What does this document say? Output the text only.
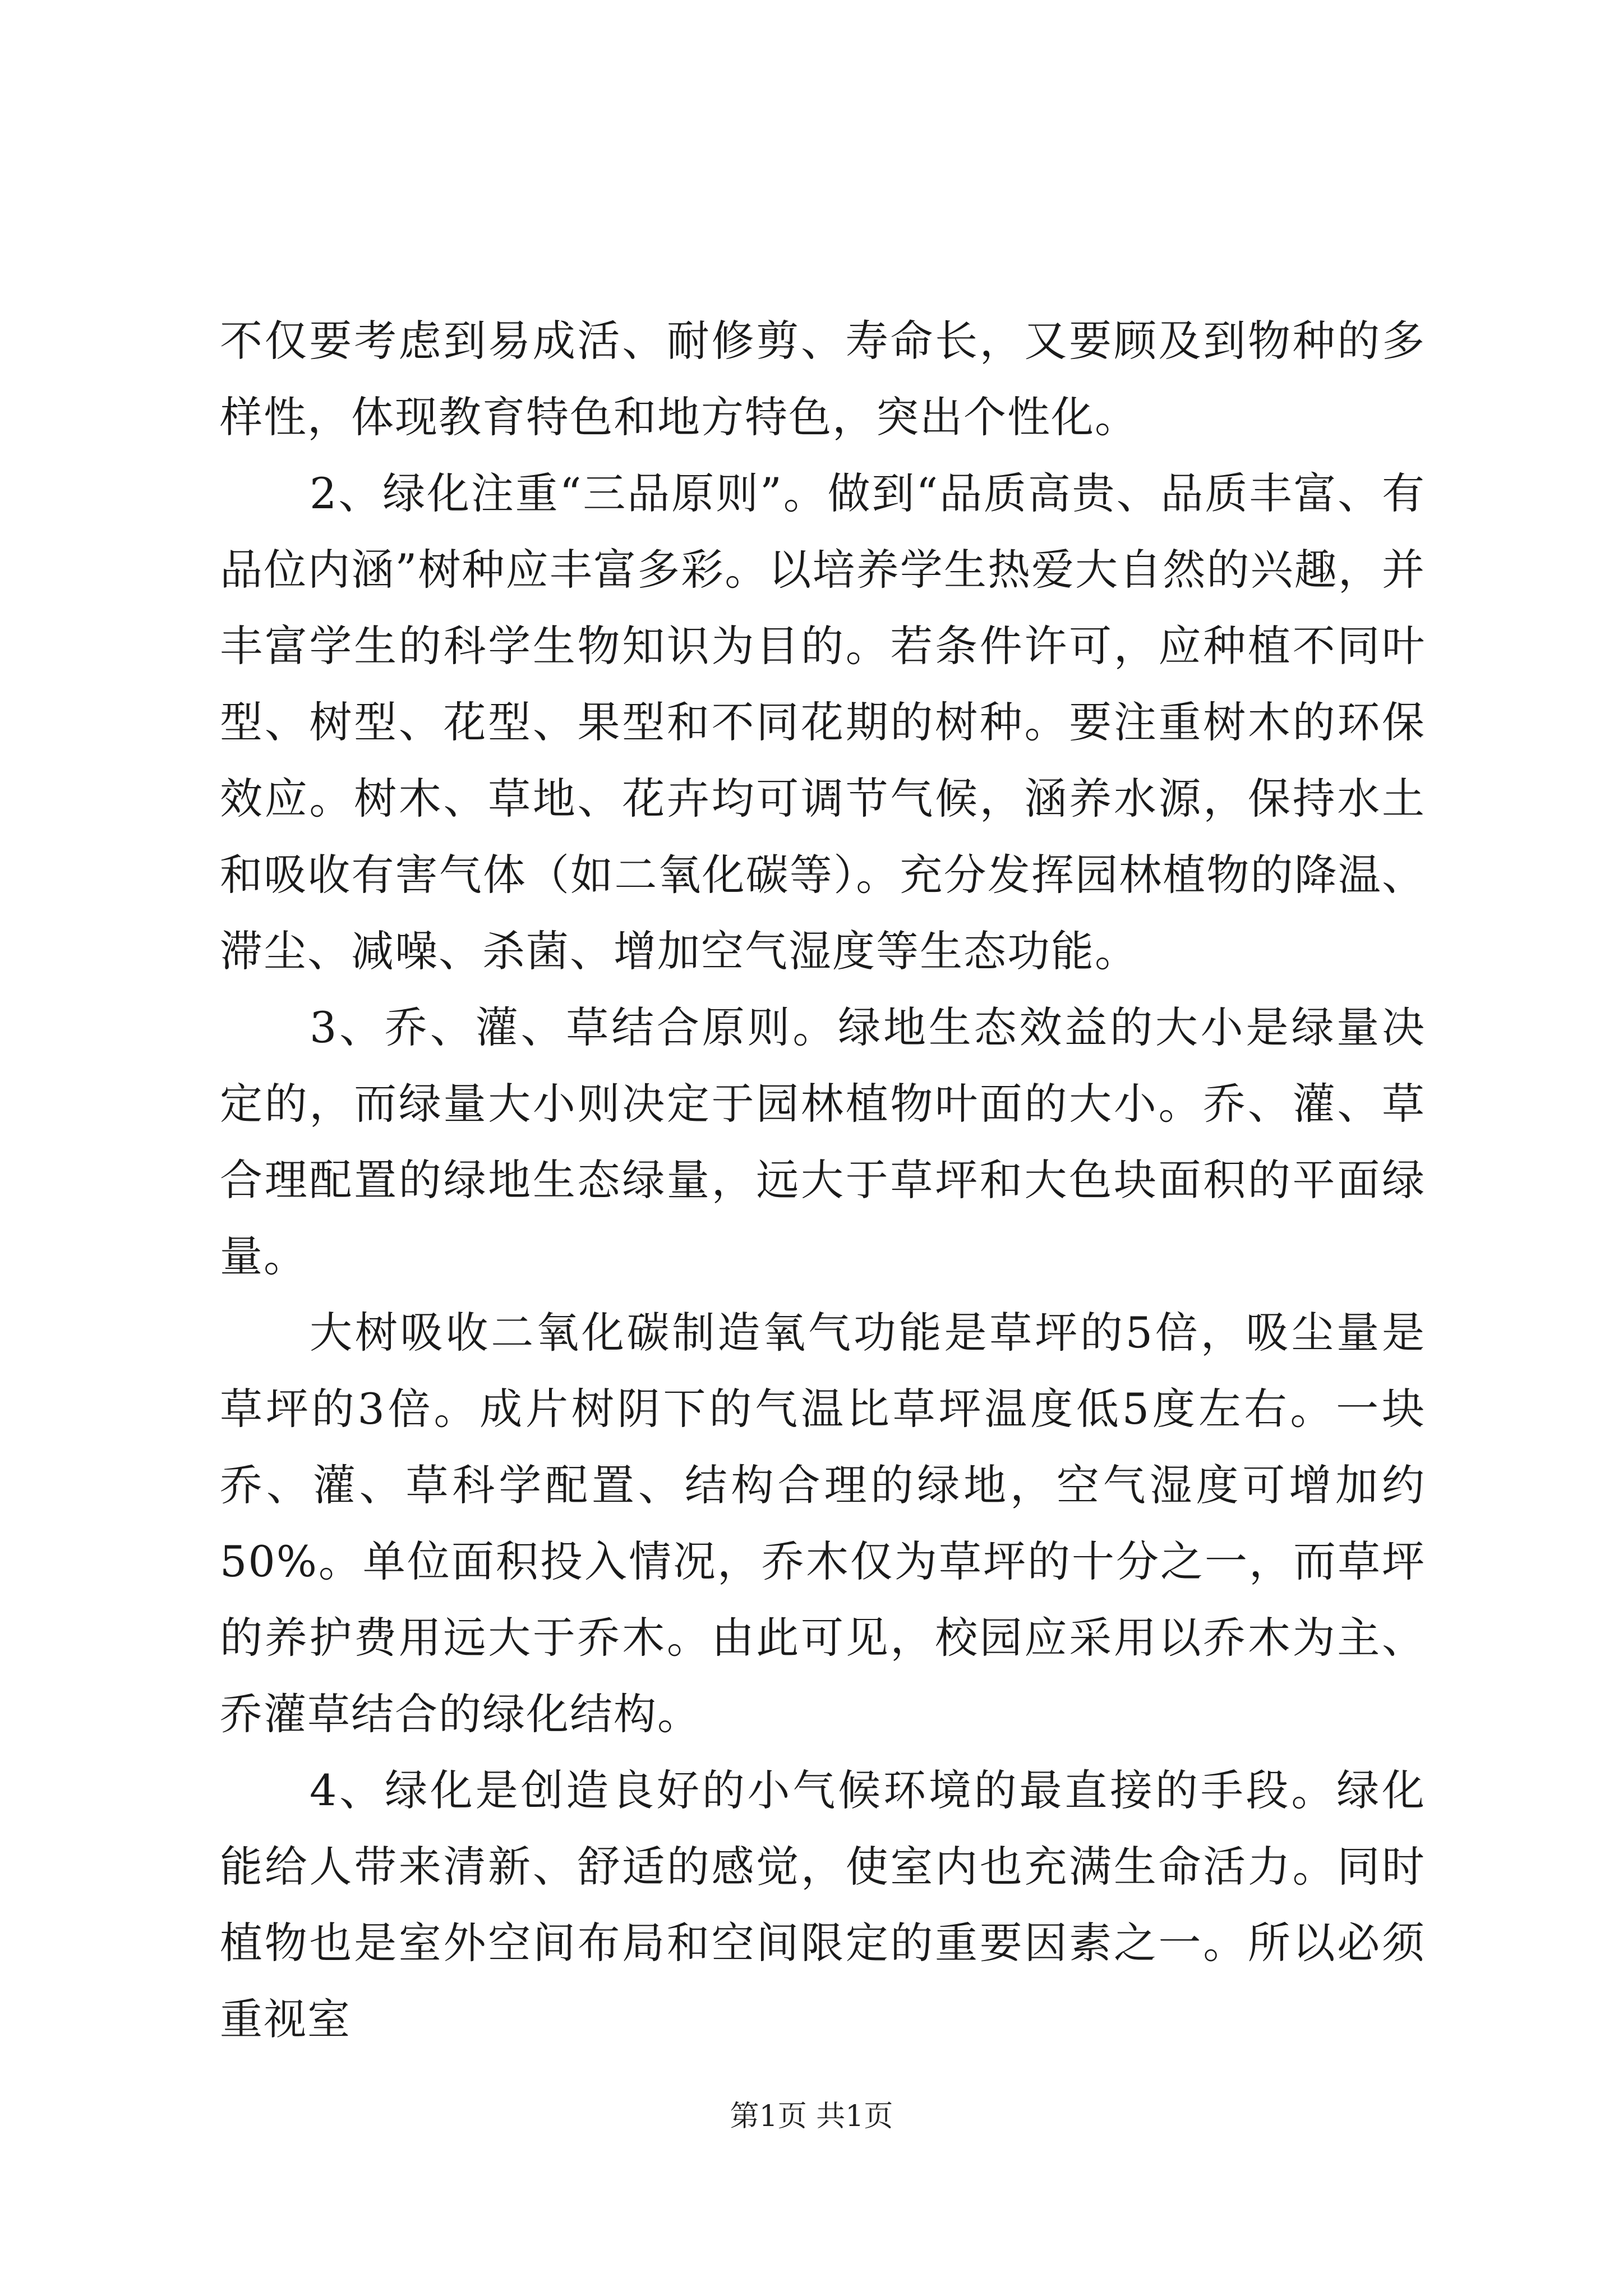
不仅要考虑到易成活、耐修剪、寿命长，又要顾及到物种的多样性，体现教育特色和地方特色，突出个性化。

2、绿化注重“三品原则”。做到“品质高贵、品质丰富、有品位内涵”树种应丰富多彩。以培养学生热爱大自然的兴趣，并丰富学生的科学生物知识为目的。若条件许可，应种植不同叶型、树型、花型、果型和不同花期的树种。要注重树木的环保效应。树木、草地、花卉均可调节气候，涵养水源，保持水土和吸收有害气体（如二氧化碳等）。充分发挥园林植物的降温、滞尘、减噪、杀菌、增加空气湿度等生态功能。

3、乔、灌、草结合原则。绿地生态效益的大小是绿量决定的，而绿量大小则决定于园林植物叶面的大小。乔、灌、草合理配置的绿地生态绿量，远大于草坪和大色块面积的平面绿量。

大树吸收二氧化碳制造氧气功能是草坪的5倍，吸尘量是草坪的3倍。成片树阴下的气温比草坪温度低5度左右。一块乔、灌、草科学配置、结构合理的绿地，空气湿度可增加约50%。单位面积投入情况，乔木仅为草坪的十分之一，而草坪的养护费用远大于乔木。由此可见，校园应采用以乔木为主、乔灌草结合的绿化结构。

4、绿化是创造良好的小气候环境的最直接的手段。绿化能给人带来清新、舒适的感觉，使室内也充满生命活力。同时植物也是室外空间布局和空间限定的重要因素之一。所以必须重视室

第1页 共1页
